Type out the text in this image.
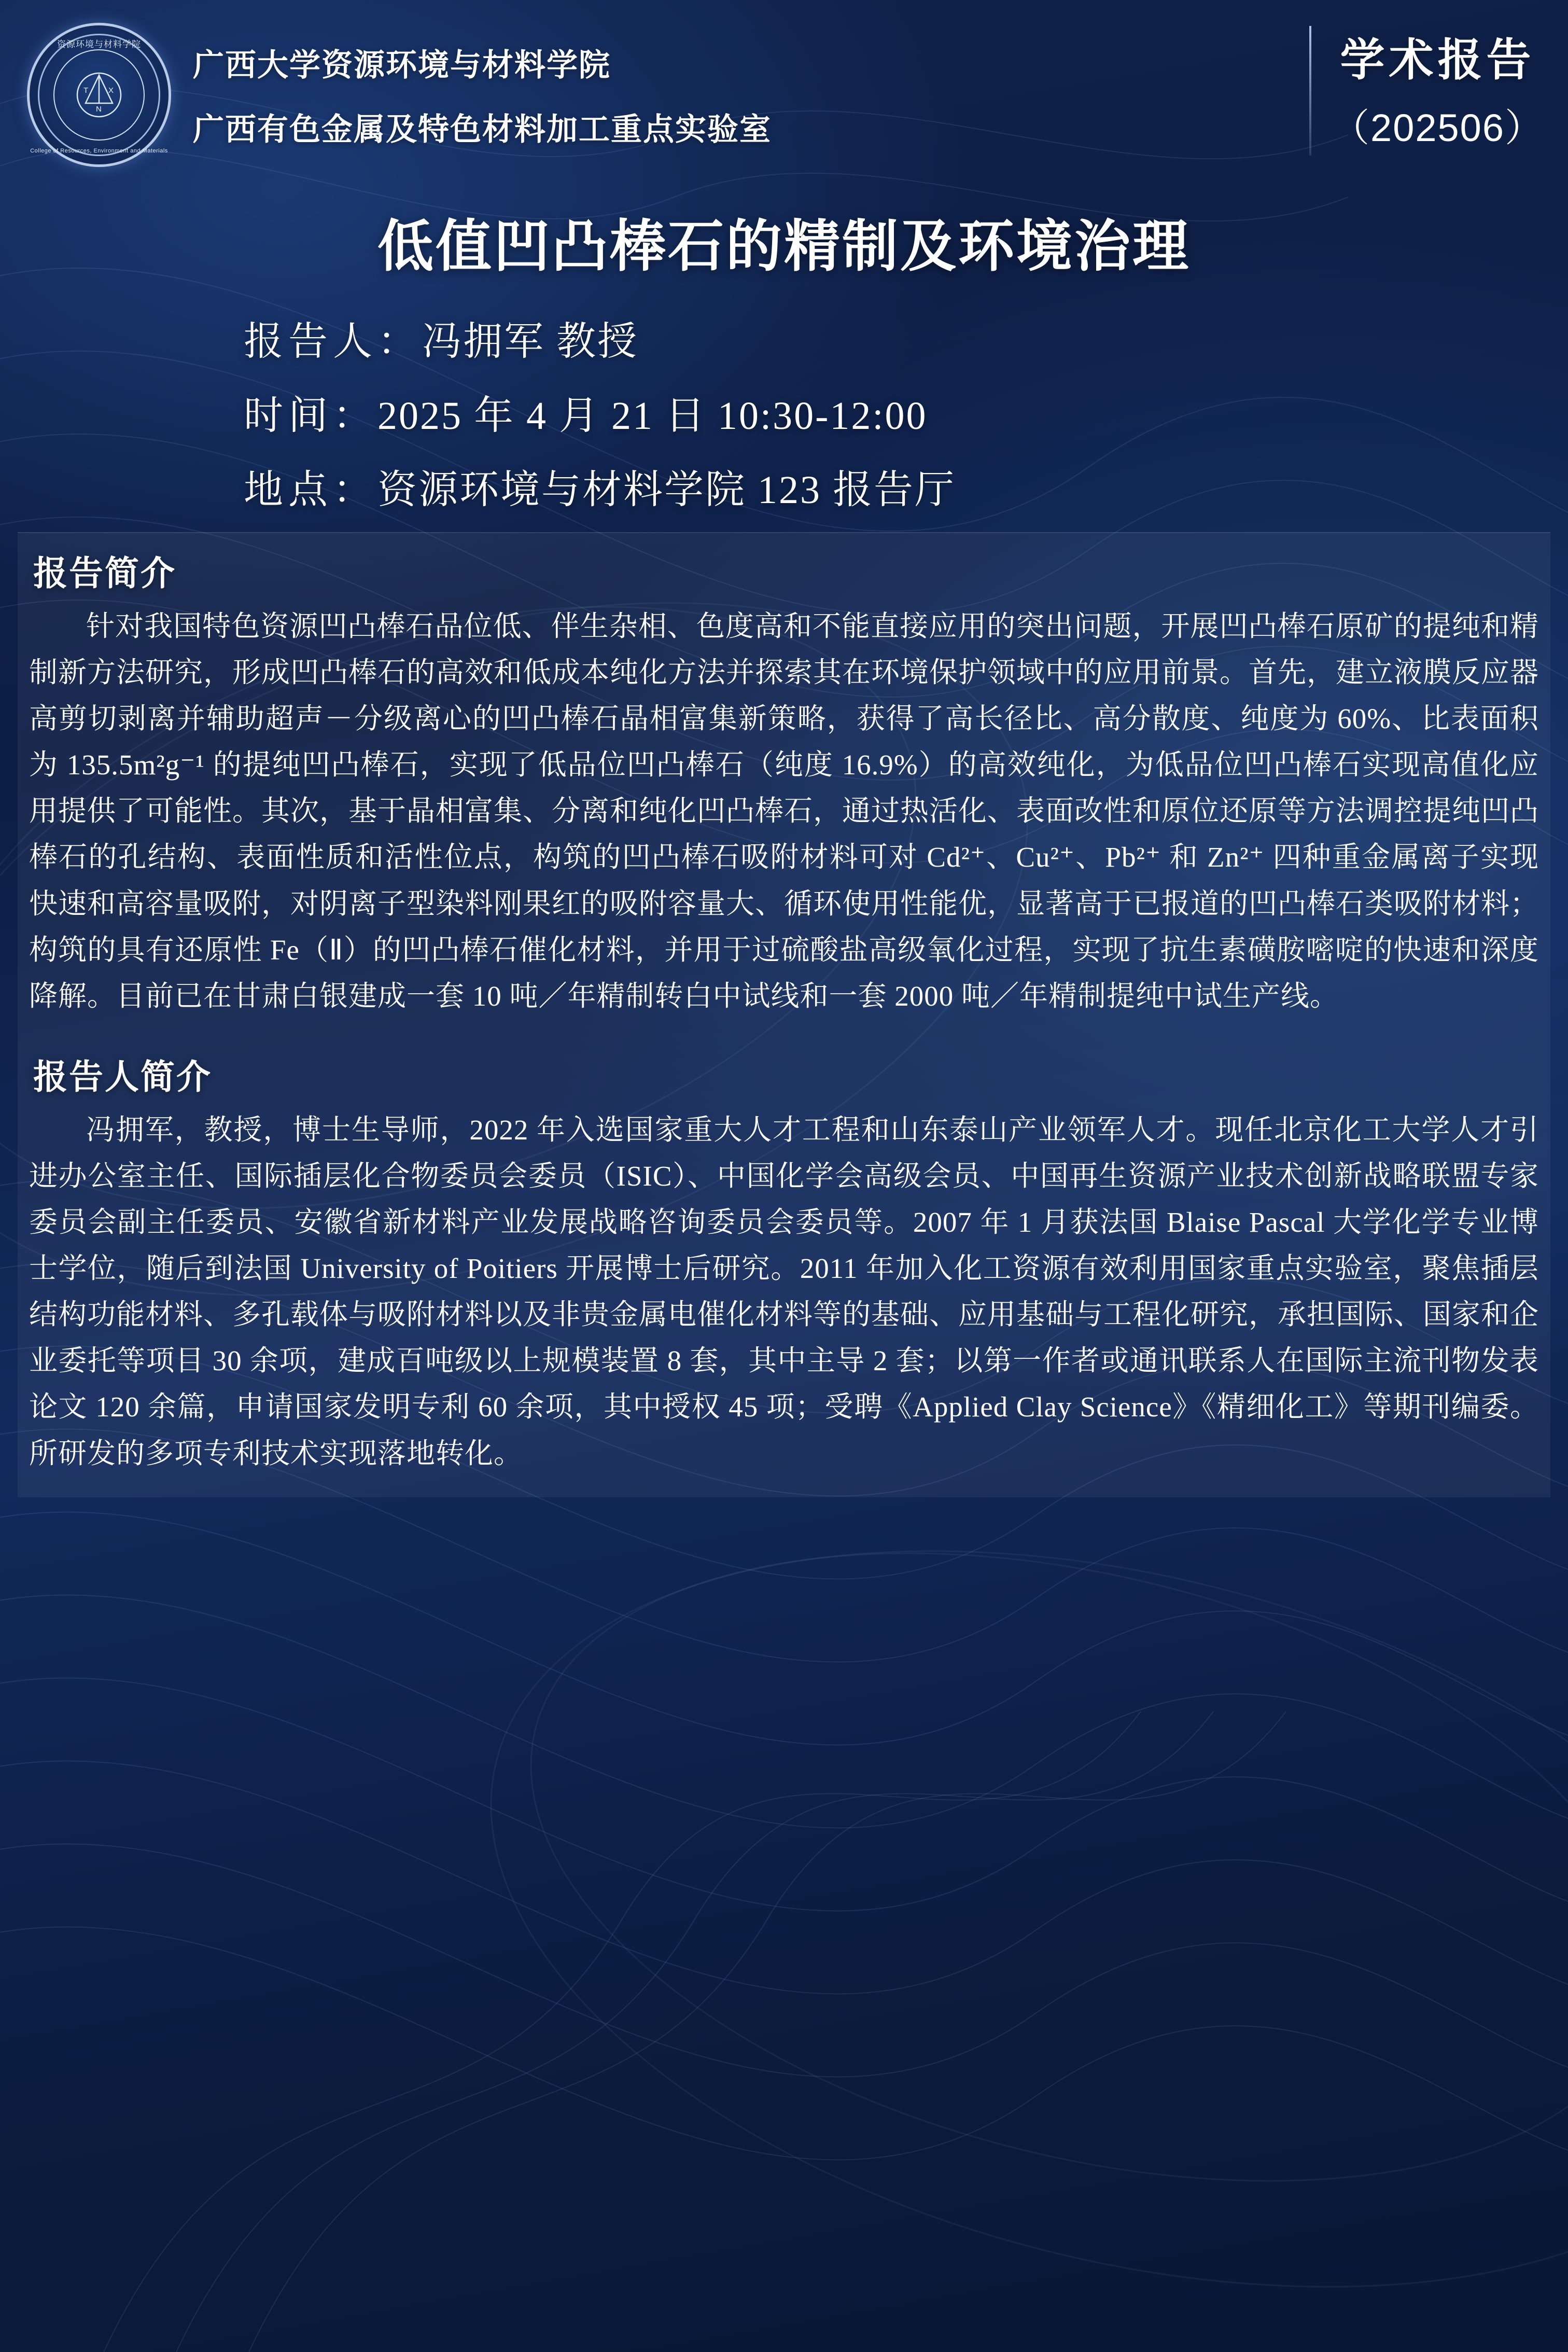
T	X
N
资源环境与材料学院
College of Resources, Environment and Materials
广西大学资源环境与材料学院
广西有色金属及特色材料加工重点实验室
学术报告
（202506）
低值凹凸棒石的精制及环境治理
报告人：冯拥军 教授
时间：2025 年 4 月 21 日 10:30-12:00
地点：资源环境与材料学院 123 报告厅
报告简介
针对我国特色资源凹凸棒石品位低、伴生杂相、色度高和不能直接应用的突出问题，开展凹凸棒石原矿的提纯和精制新方法研究，形成凹凸棒石的高效和低成本纯化方法并探索其在环境保护领域中的应用前景。首先，建立液膜反应器高剪切剥离并辅助超声－分级离心的凹凸棒石晶相富集新策略，获得了高长径比、高分散度、纯度为 60%、比表面积为 135.5m²g⁻¹ 的提纯凹凸棒石，实现了低品位凹凸棒石（纯度 16.9%）的高效纯化，为低品位凹凸棒石实现高值化应用提供了可能性。其次，基于晶相富集、分离和纯化凹凸棒石，通过热活化、表面改性和原位还原等方法调控提纯凹凸棒石的孔结构、表面性质和活性位点，构筑的凹凸棒石吸附材料可对 Cd²⁺、Cu²⁺、Pb²⁺ 和 Zn²⁺ 四种重金属离子实现快速和高容量吸附，对阴离子型染料刚果红的吸附容量大、循环使用性能优，显著高于已报道的凹凸棒石类吸附材料；构筑的具有还原性 Fe（Ⅱ）的凹凸棒石催化材料，并用于过硫酸盐高级氧化过程，实现了抗生素磺胺嘧啶的快速和深度降解。目前已在甘肃白银建成一套 10 吨／年精制转白中试线和一套 2000 吨／年精制提纯中试生产线。
报告人简介
冯拥军，教授，博士生导师，2022 年入选国家重大人才工程和山东泰山产业领军人才。现任北京化工大学人才引进办公室主任、国际插层化合物委员会委员（ISIC）、中国化学会高级会员、中国再生资源产业技术创新战略联盟专家委员会副主任委员、安徽省新材料产业发展战略咨询委员会委员等。2007 年 1 月获法国 Blaise Pascal 大学化学专业博士学位，随后到法国 University of Poitiers 开展博士后研究。2011 年加入化工资源有效利用国家重点实验室，聚焦插层结构功能材料、多孔载体与吸附材料以及非贵金属电催化材料等的基础、应用基础与工程化研究，承担国际、国家和企业委托等项目 30 余项，建成百吨级以上规模装置 8 套，其中主导 2 套；以第一作者或通讯联系人在国际主流刊物发表论文 120 余篇，申请国家发明专利 60 余项，其中授权 45 项；受聘《Applied Clay Science》《精细化工》等期刊编委。所研发的多项专利技术实现落地转化。
